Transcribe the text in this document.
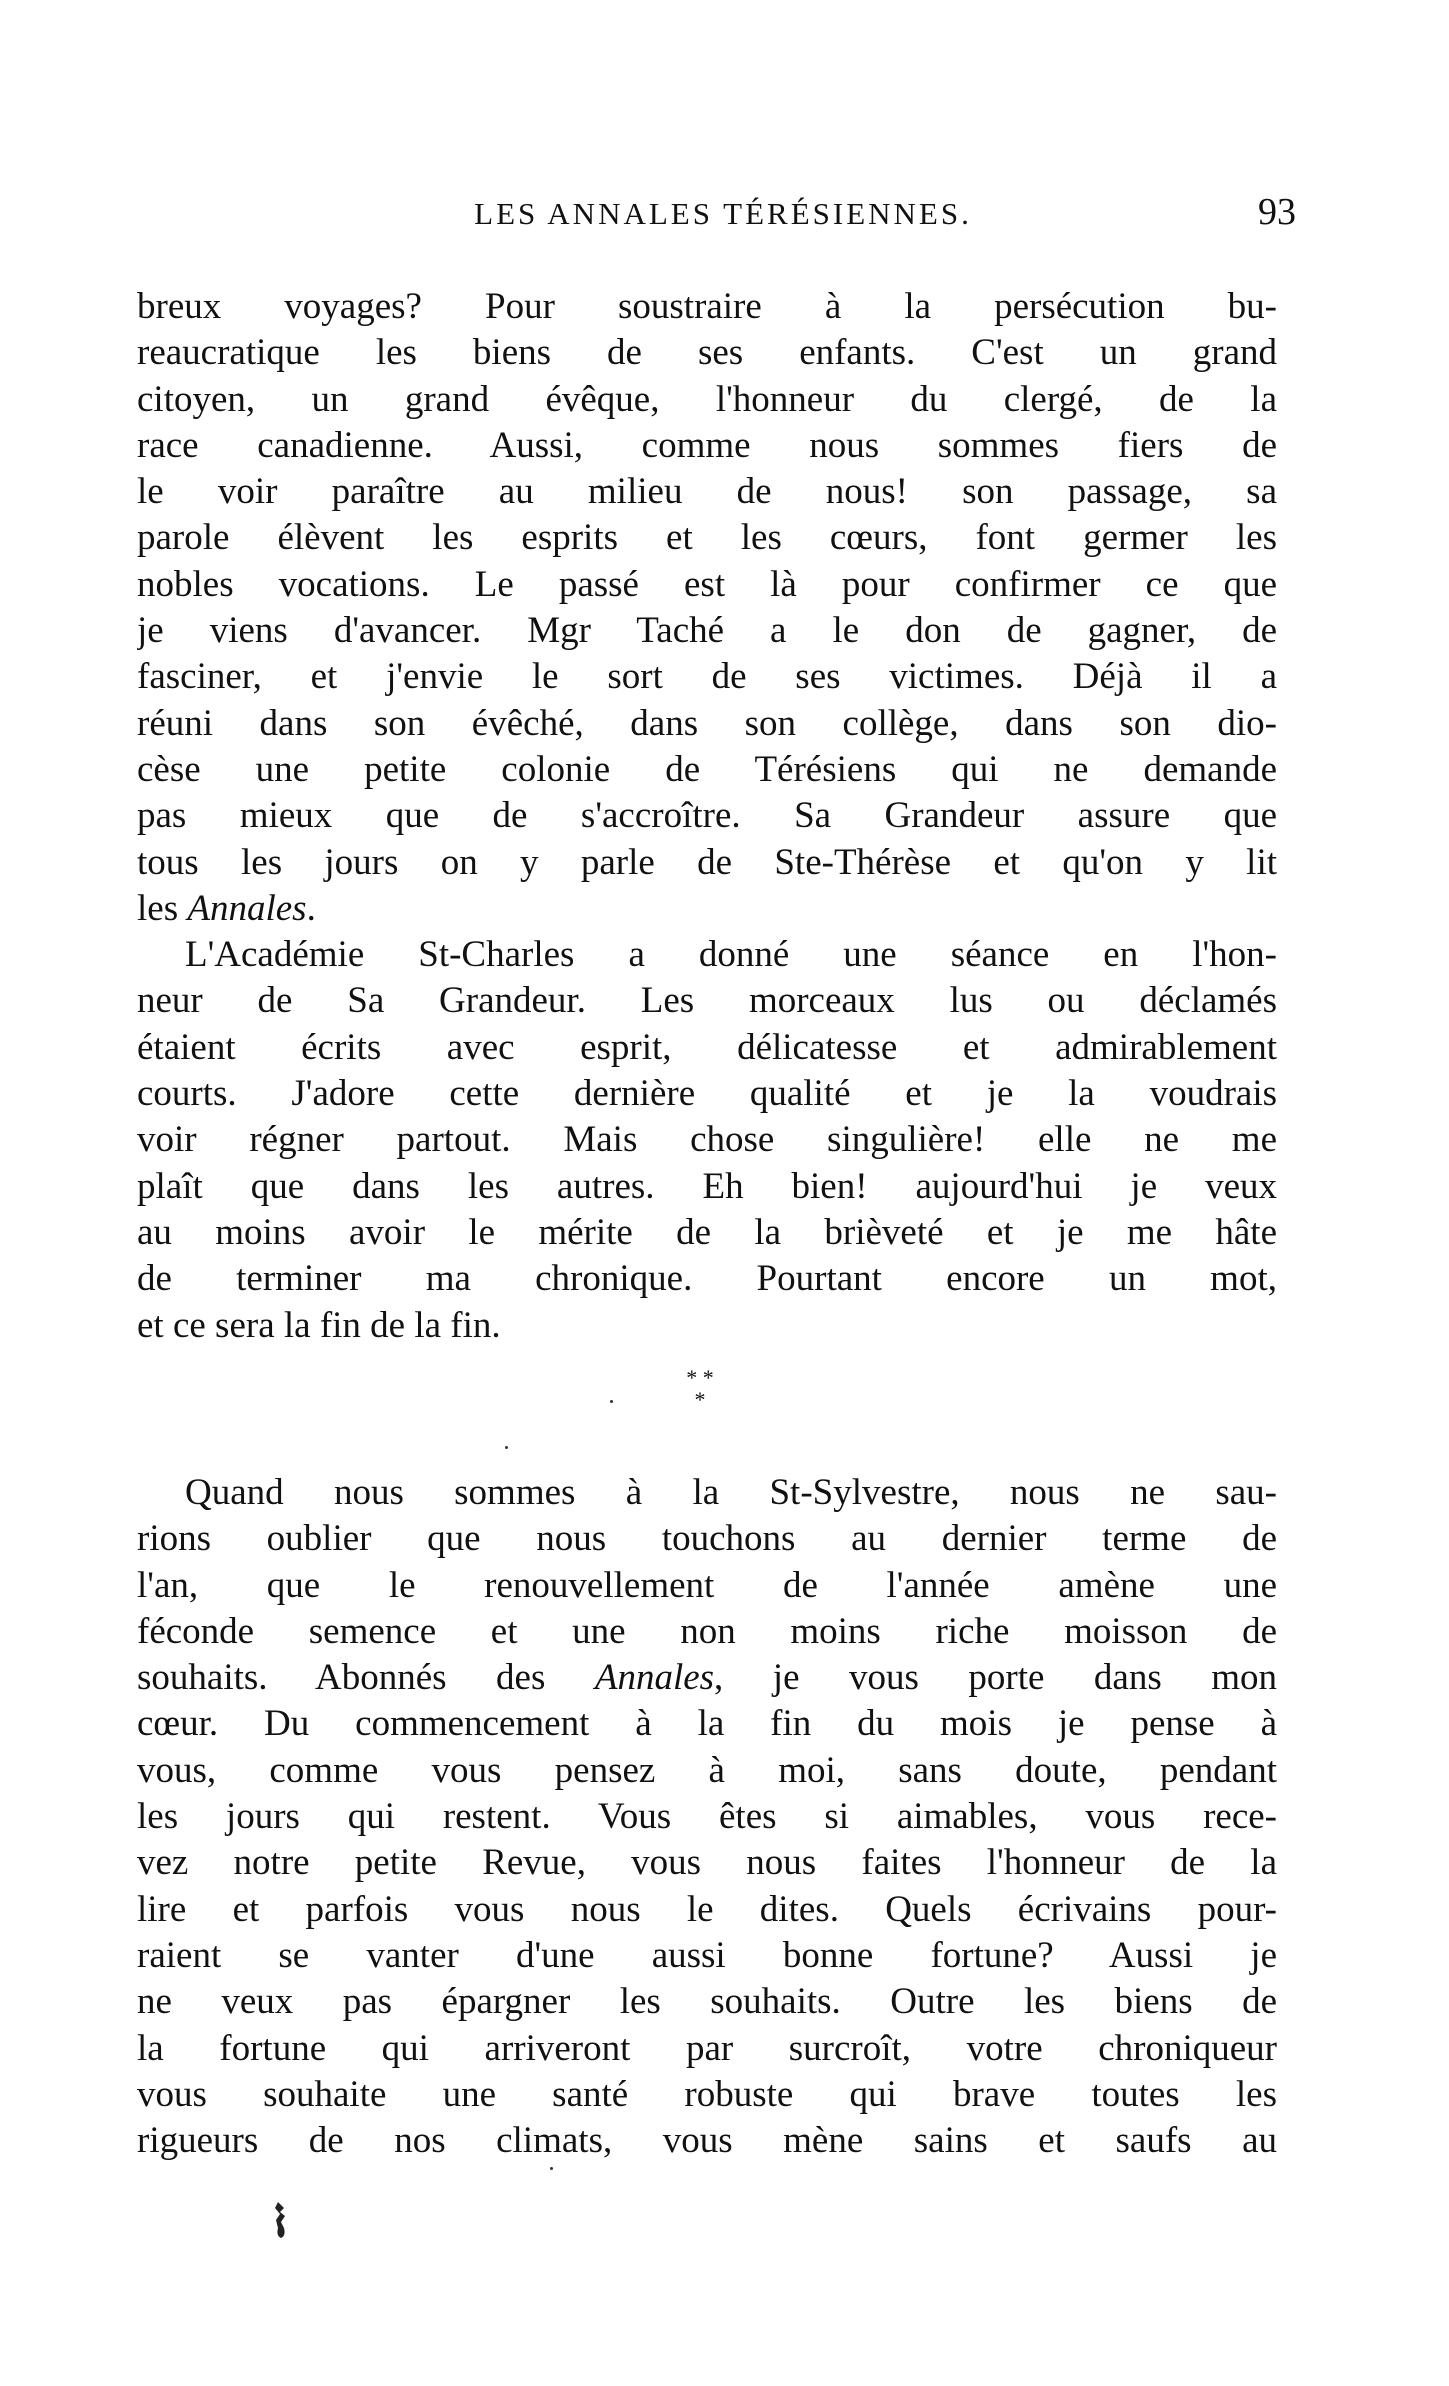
LES ANNALES TÉRÉSIENNES.	93
breux voyages? Pour soustraire à la persécution bu-
reaucratique les biens de ses enfants. C'est un grand
citoyen, un grand évêque, l'honneur du clergé, de la
race canadienne. Aussi, comme nous sommes fiers de
le voir paraître au milieu de nous! son passage, sa
parole élèvent les esprits et les cœurs, font germer les
nobles vocations. Le passé est là pour confirmer ce que
je viens d'avancer. Mgr Taché a le don de gagner, de
fasciner, et j'envie le sort de ses victimes. Déjà il a
réuni dans son évêché, dans son collège, dans son dio-
cèse une petite colonie de Térésiens qui ne demande
pas mieux que de s'accroître. Sa Grandeur assure que
tous les jours on y parle de Ste-Thérèse et qu'on y lit
les Annales.
L'Académie St-Charles a donné une séance en l'hon-
neur de Sa Grandeur. Les morceaux lus ou déclamés
étaient écrits avec esprit, délicatesse et admirablement
courts. J'adore cette dernière qualité et je la voudrais
voir régner partout. Mais chose singulière! elle ne me
plaît que dans les autres. Eh bien! aujourd'hui je veux
au moins avoir le mérite de la brièveté et je me hâte
de terminer ma chronique. Pourtant encore un mot,
et ce sera la fin de la fin.
* *
*
Quand nous sommes à la St-Sylvestre, nous ne sau-
rions oublier que nous touchons au dernier terme de
l'an, que le renouvellement de l'année amène une
féconde semence et une non moins riche moisson de
souhaits. Abonnés des Annales, je vous porte dans mon
cœur. Du commencement à la fin du mois je pense à
vous, comme vous pensez à moi, sans doute, pendant
les jours qui restent. Vous êtes si aimables, vous rece-
vez notre petite Revue, vous nous faites l'honneur de la
lire et parfois vous nous le dites. Quels écrivains pour-
raient se vanter d'une aussi bonne fortune? Aussi je
ne veux pas épargner les souhaits. Outre les biens de
la fortune qui arriveront par surcroît, votre chroniqueur
vous souhaite une santé robuste qui brave toutes les
rigueurs de nos climats, vous mène sains et saufs au
